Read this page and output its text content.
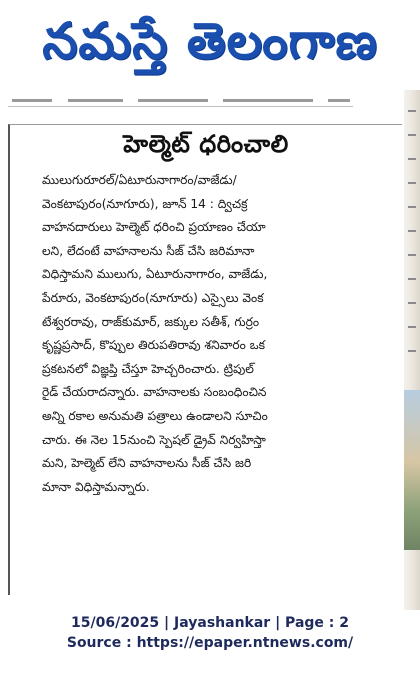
నమస్తే తెలంగాణ
హెల్మెట్ ధరించాలి
ములుగురూరల్/ఏటూరునాగారం/వాజేడు/
వెంకటాపురం(నూగూరు), జూన్ 14 : ద్విచక్ర
వాహనదారులు హెల్మెట్ ధరించి ప్రయాణం చేయా
లని, లేదంటే వాహనాలను సీజ్ చేసి జరిమానా
విధిస్తామని ములుగు, ఏటూరునాగారం, వాజేడు,
పేరూరు, వెంకటాపురం(నూగూరు) ఎస్సైలు వెంక
టేశ్వరరావు, రాజ్‌కుమార్, జక్కుల సతీశ్, గుర్రం
కృష్ణప్రసాద్, కొప్పుల తిరుపతిరావు శనివారం ఒక
ప్రకటనలో విజ్ఞప్తి చేస్తూ హెచ్చరించారు. ట్రిపుల్
రైడ్ చేయరాదన్నారు. వాహనాలకు సంబంధించిన
అన్ని రకాల అనుమతి పత్రాలు ఉండాలని సూచిం
చారు. ఈ నెల 15నుంచి స్పెషల్ డ్రైవ్ నిర్వహిస్తా
మని, హెల్మెట్ లేని వాహనాలను సీజ్ చేసి జరి
మానా విధిస్తామన్నారు.
15/06/2025 | Jayashankar | Page : 2
Source : https://epaper.ntnews.com/
